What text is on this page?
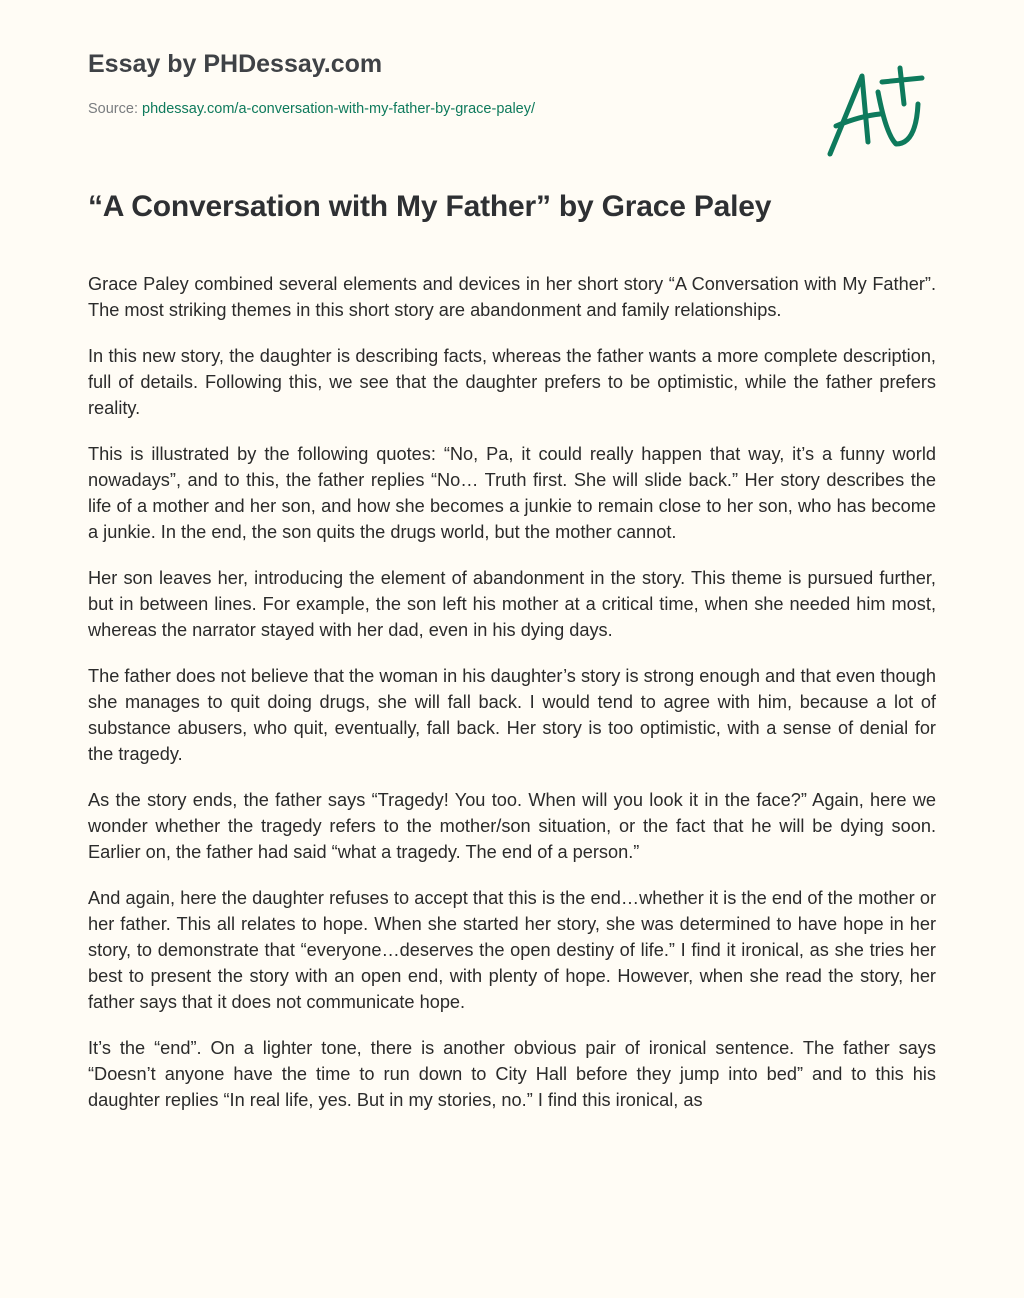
Essay by PHDessay.com
Source: phdessay.com/a-conversation-with-my-father-by-grace-paley/
“A Conversation with My Father” by Grace Paley

Grace Paley combined several elements and devices in her short story “A Conversation with My Father”. The most striking themes in this short story are abandonment and family relationships.

In this new story, the daughter is describing facts, whereas the father wants a more complete description, full of details. Following this, we see that the daughter prefers to be optimistic, while the father prefers reality.

This is illustrated by the following quotes: “No, Pa, it could really happen that way, it’s a funny world nowadays”, and to this, the father replies “No… Truth first. She will slide back.” Her story describes the life of a mother and her son, and how she becomes a junkie to remain close to her son, who has become a junkie. In the end, the son quits the drugs world, but the mother cannot.

Her son leaves her, introducing the element of abandonment in the story. This theme is pursued further, but in between lines. For example, the son left his mother at a critical time, when she needed him most, whereas the narrator stayed with her dad, even in his dying days.

The father does not believe that the woman in his daughter’s story is strong enough and that even though she manages to quit doing drugs, she will fall back. I would tend to agree with him, because a lot of substance abusers, who quit, eventually, fall back. Her story is too optimistic, with a sense of denial for the tragedy.

As the story ends, the father says “Tragedy! You too. When will you look it in the face?” Again, here we wonder whether the tragedy refers to the mother/son situation, or the fact that he will be dying soon. Earlier on, the father had said “what a tragedy. The end of a person.”

And again, here the daughter refuses to accept that this is the end…whether it is the end of the mother or her father. This all relates to hope. When she started her story, she was determined to have hope in her story, to demonstrate that “everyone…deserves the open destiny of life.” I find it ironical, as she tries her best to present the story with an open end, with plenty of hope. However, when she read the story, her father says that it does not communicate hope.

It’s the “end”. On a lighter tone, there is another obvious pair of ironical sentence. The father says “Doesn’t anyone have the time to run down to City Hall before they jump into bed” and to this his daughter replies “In real life, yes. But in my stories, no.” I find this ironical, as
